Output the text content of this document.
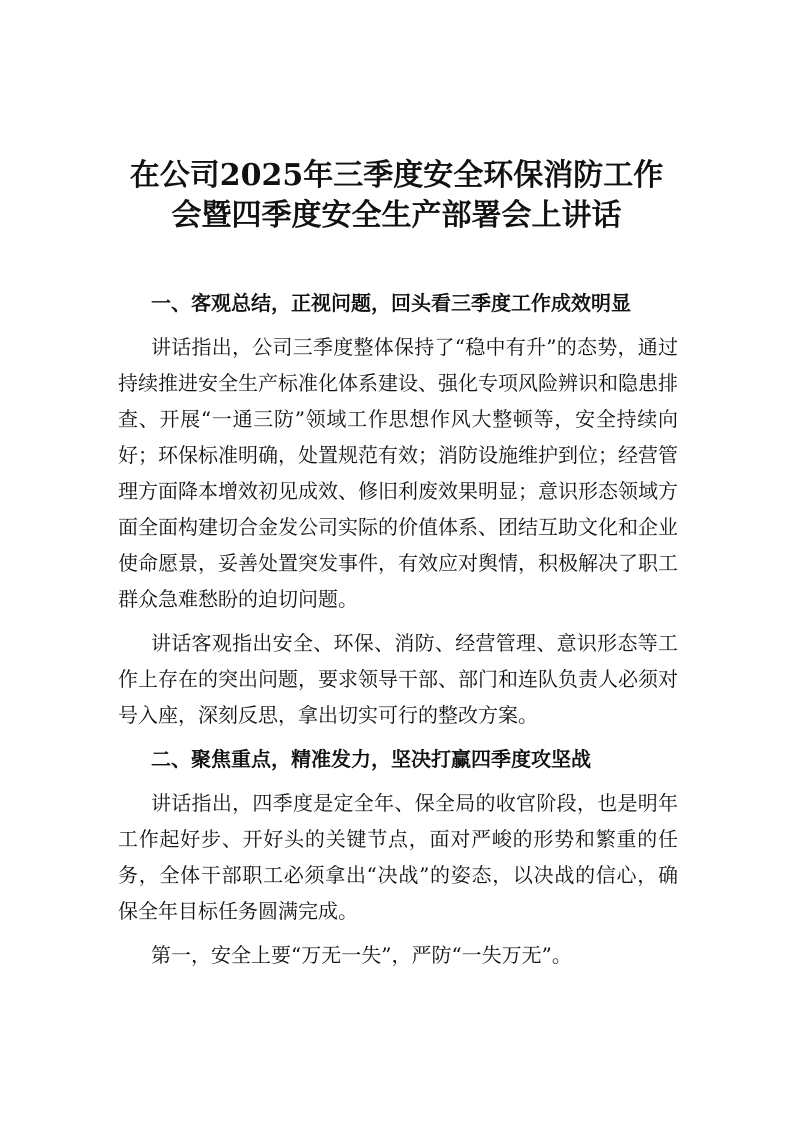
在公司2025年三季度安全环保消防工作
会暨四季度安全生产部署会上讲话

一、客观总结，正视问题，回头看三季度工作成效明显

讲话指出，公司三季度整体保持了“稳中有升”的态势，通过持续推进安全生产标准化体系建设、强化专项风险辨识和隐患排查、开展“一通三防”领域工作思想作风大整顿等，安全持续向好；环保标准明确，处置规范有效；消防设施维护到位；经营管理方面降本增效初见成效、修旧利废效果明显；意识形态领域方面全面构建切合金发公司实际的价值体系、团结互助文化和企业使命愿景，妥善处置突发事件，有效应对舆情，积极解决了职工群众急难愁盼的迫切问题。

讲话客观指出安全、环保、消防、经营管理、意识形态等工作上存在的突出问题，要求领导干部、部门和连队负责人必须对号入座，深刻反思，拿出切实可行的整改方案。

二、聚焦重点，精准发力，坚决打赢四季度攻坚战

讲话指出，四季度是定全年、保全局的收官阶段，也是明年工作起好步、开好头的关键节点，面对严峻的形势和繁重的任务，全体干部职工必须拿出“决战”的姿态，以决战的信心，确保全年目标任务圆满完成。

第一，安全上要“万无一失”，严防“一失万无”。
